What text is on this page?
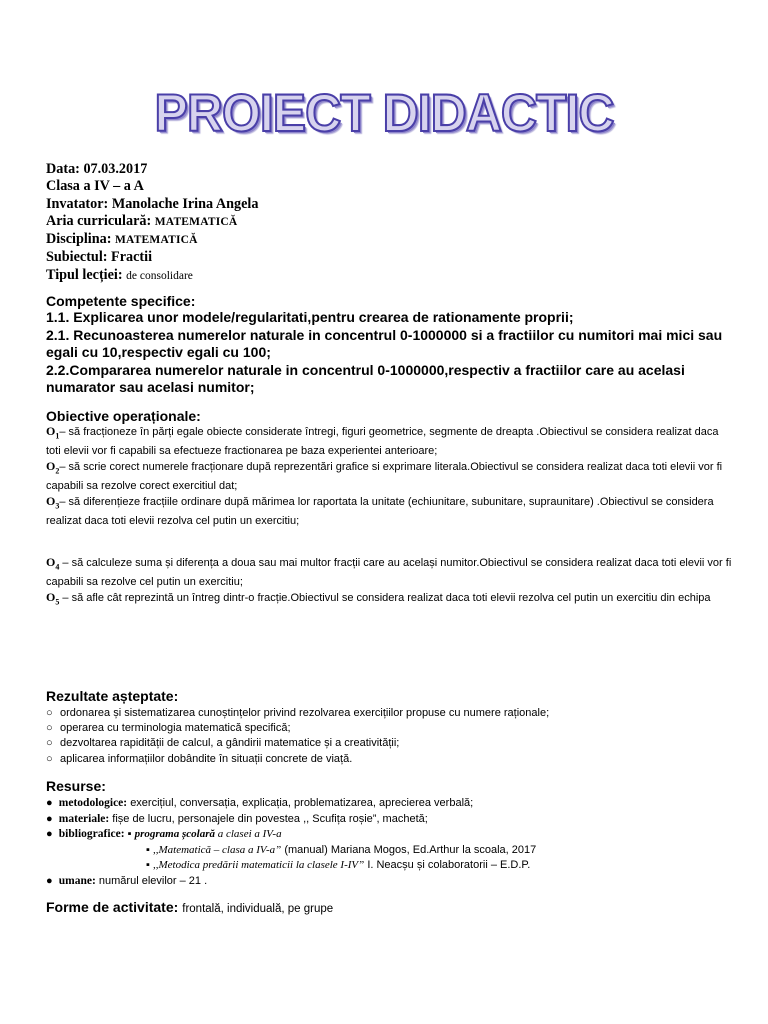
PROIECT DIDACTIC
Data: 07.03.2017
Clasa a IV – a A
Invatator: Manolache Irina Angela
Aria curriculară: MATEMATICĂ
Disciplina: MATEMATICĂ
Subiectul: Fractii
Tipul lecției: de consolidare
Competente specifice:
1.1. Explicarea unor modele/regularitati,pentru crearea de rationamente proprii;
2.1. Recunoasterea numerelor naturale in concentrul 0-1000000 si a fractiilor cu numitori mai mici sau egali cu 10,respectiv egali cu 100;
2.2.Compararea numerelor naturale in concentrul 0-1000000,respectiv a fractiilor care au acelasi numarator sau acelasi numitor;
Obiective operaționale:
$O_1-$ să fracționeze în părți egale obiecte considerate întregi, figuri geometrice, segmente de dreapta .Obiectivul se considera realizat daca toti elevii vor fi capabili sa efectueze fractionarea pe baza experientei anterioare;
$O_2-$ să scrie corect numerele fracționare după reprezentări grafice si exprimare literala.Obiectivul se considera realizat daca toti elevii vor fi capabili sa rezolve corect exercitiul dat;
$O_3-$ să diferențieze fracțiile ordinare după mărimea lor raportata la unitate (echiunitare, subunitare, supraunitare) .Obiectivul se considera realizat daca toti elevii rezolva cel putin un exercitiu;
$O_4$ – să calculeze suma și diferența a doua sau mai multor fracții care au același numitor.Obiectivul se considera realizat daca toti elevii vor fi capabili sa rezolve cel putin un exercitiu;
$O_5$ – să afle cât reprezintă un întreg dintr-o fracție.Obiectivul se considera realizat daca toti elevii rezolva cel putin un exercitiu din echipa
Rezultate așteptate:
○ ordonarea și sistematizarea cunoștințelor privind rezolvarea exercițiilor propuse cu numere raționale;
○ operarea cu terminologia matematică specifică;
○ dezvoltarea rapidității de calcul, a gândirii matematice și a creativității;
○ aplicarea informațiilor dobândite în situații concrete de viață.
Resurse:
● metodologice: exercițiul, conversația, explicația, problematizarea, aprecierea verbală;
● materiale: fișe de lucru, personajele din povestea ,, Scufița roșie”, machetă;
● bibliografice: ▪ programa școlară a clasei a IV-a
▪ ,,Matematică – clasa a IV-a” (manual) Mariana Mogos, Ed.Arthur la scoala, 2017
▪ ,,Metodica predării matematicii la clasele I-IV” I. Neacșu și colaboratorii – E.D.P.
● umane: numărul elevilor – 21 .
Forme de activitate: frontală, individuală, pe grupe
